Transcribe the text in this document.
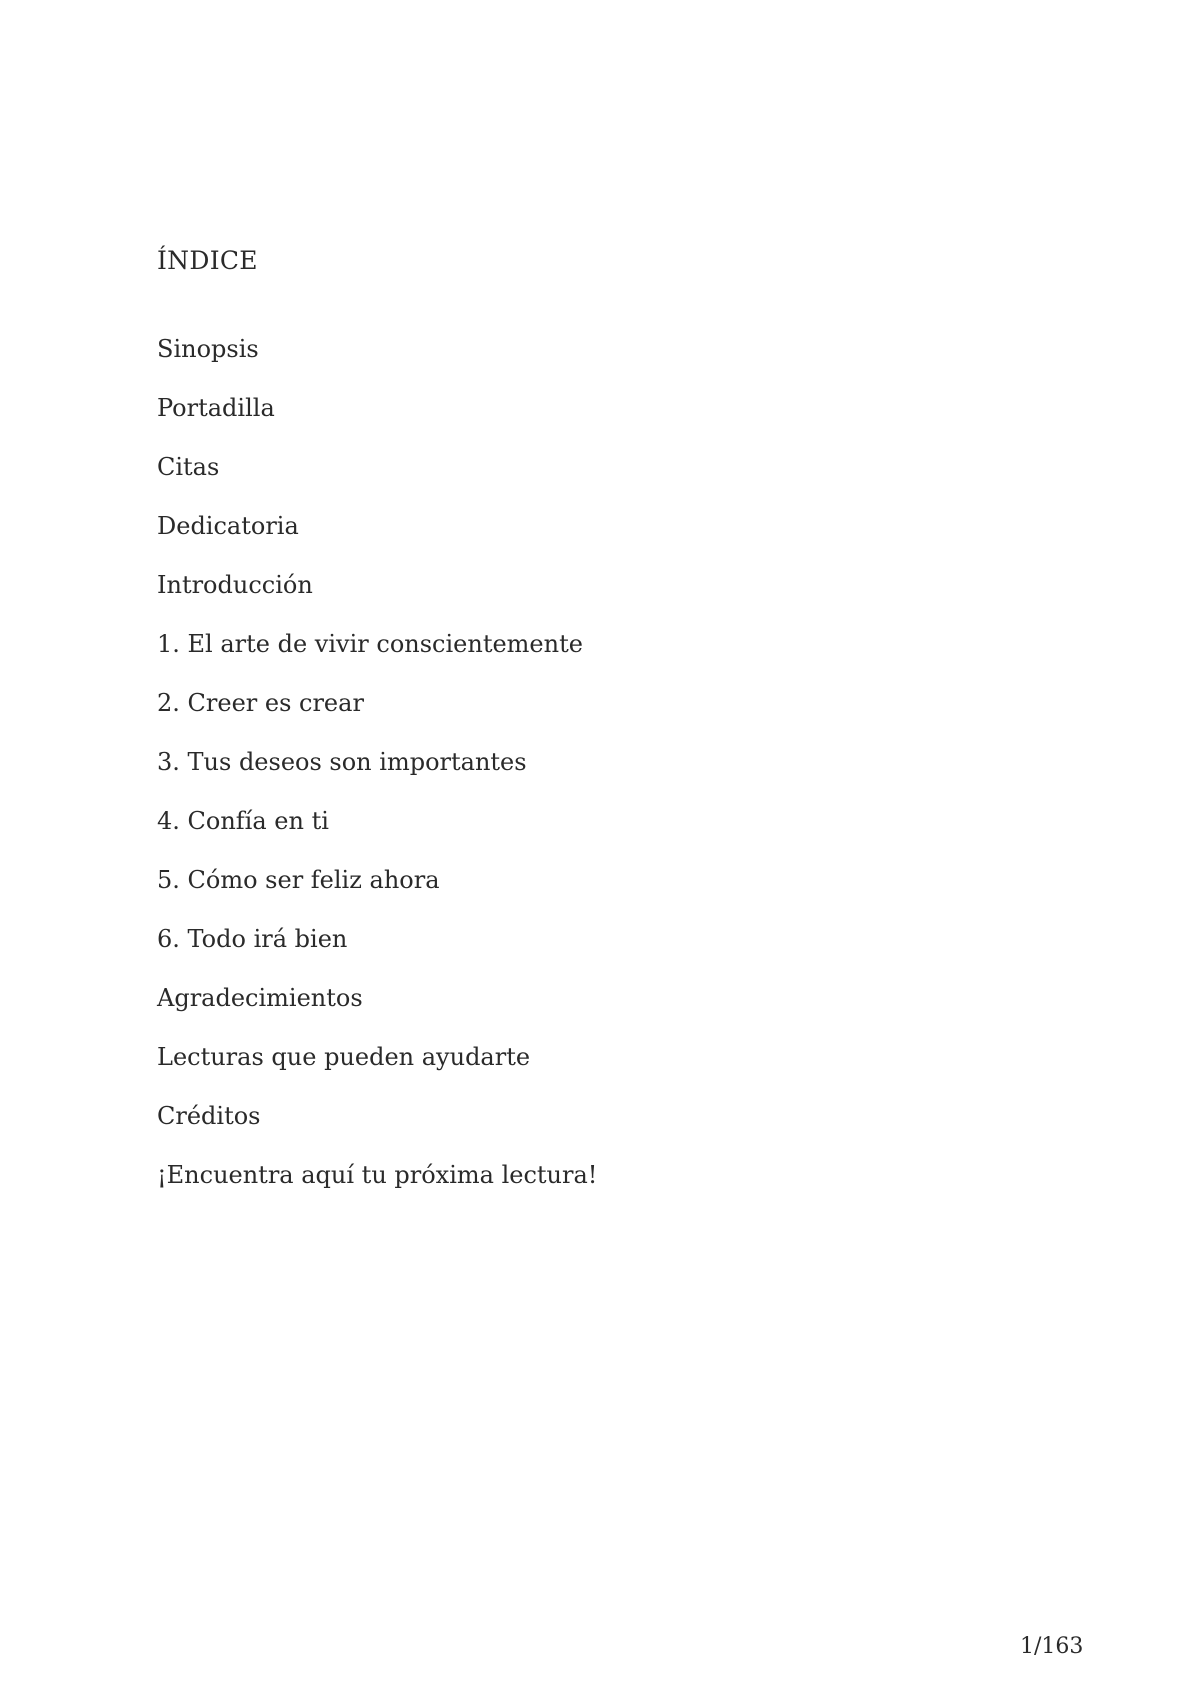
ÍNDICE
Sinopsis
Portadilla
Citas
Dedicatoria
Introducción
1. El arte de vivir conscientemente
2. Creer es crear
3. Tus deseos son importantes
4. Confía en ti
5. Cómo ser feliz ahora
6. Todo irá bien
Agradecimientos
Lecturas que pueden ayudarte
Créditos
¡Encuentra aquí tu próxima lectura!
1/163
